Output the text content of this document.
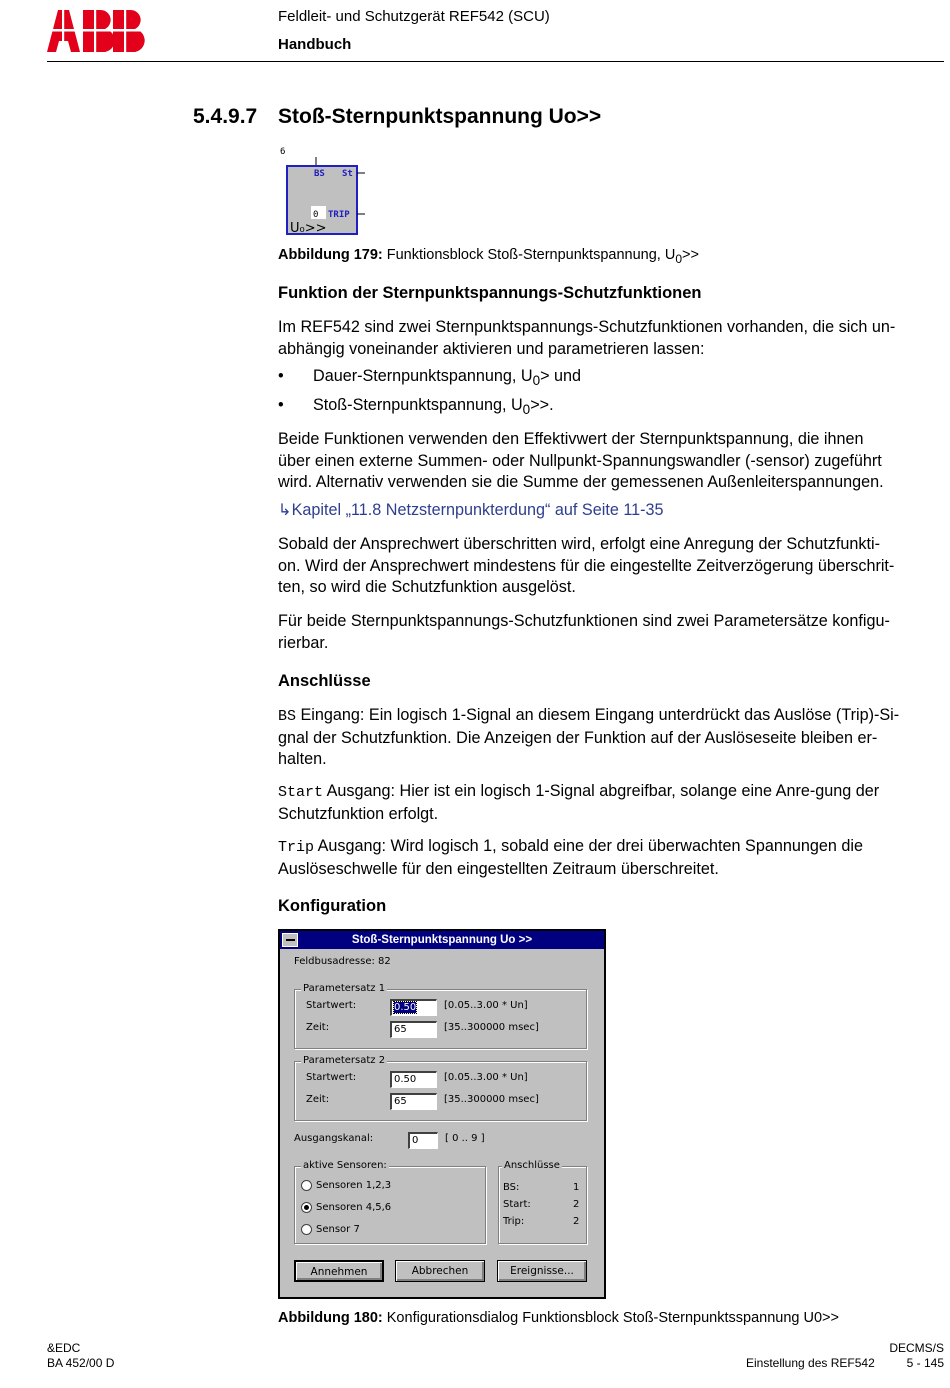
Feldleit- und Schutzgerät REF542 (SCU)
Handbuch
5.4.9.7 Stoß-Sternpunktspannung Uo>>
6
BS St
0 TRIP
U₀>>
Abbildung 179: Funktionsblock Stoß-Sternpunktspannung, $U_0>>$
Funktion der Sternpunktspannungs-Schutzfunktionen
Im REF542 sind zwei Sternpunktspannungs-Schutzfunktionen vorhanden, die sich un-
abhängig voneinander aktivieren und parametrieren lassen:
• Dauer-Sternpunktspannung, $U_0>$ und
• Stoß-Sternpunktspannung, $U_0>>$.
Beide Funktionen verwenden den Effektivwert der Sternpunktspannung, die ihnen
über einen externe Summen- oder Nullpunkt-Spannungswandler (-sensor) zugeführt
wird. Alternativ verwenden sie die Summe der gemessenen Außenleiterspannungen.
↳Kapitel „11.8 Netzsternpunkterdung“ auf Seite 11-35
Sobald der Ansprechwert überschritten wird, erfolgt eine Anregung der Schutzfunkti-
on. Wird der Ansprechwert mindestens für die eingestellte Zeitverzögerung überschrit-
ten, so wird die Schutzfunktion ausgelöst.
Für beide Sternpunktspannungs-Schutzfunktionen sind zwei Parametersätze konfigu-
rierbar.
Anschlüsse
BS Eingang: Ein logisch 1-Signal an diesem Eingang unterdrückt das Auslöse (Trip)-Si-
gnal der Schutzfunktion. Die Anzeigen der Funktion auf der Auslöseseite bleiben er-
halten.
Start Ausgang: Hier ist ein logisch 1-Signal abgreifbar, solange eine Anre-gung der
Schutzfunktion erfolgt.
Trip Ausgang: Wird logisch 1, sobald eine der drei überwachten Spannungen die
Auslöseschwelle für den eingestellten Zeitraum überschreitet.
Konfiguration
Stoß-Sternpunktspannung Uo >>
Feldbusadresse: 82
Parametersatz 1
Startwert:	0.50	[0.05..3.00 * Un]
Zeit:	65	[35..300000 msec]
Parametersatz 2
Startwert:	0.50	[0.05..3.00 * Un]
Zeit:	65	[35..300000 msec]
Ausgangskanal:	0	[ 0 .. 9 ]
aktive Sensoren:
Sensoren 1,2,3
Sensoren 4,5,6
Sensor 7
Anschlüsse
BS:	1
Start:	2
Trip:	2
Annehmen	Abbrechen	Ereignisse...
Abbildung 180: Konfigurationsdialog Funktionsblock Stoß-Sternpunktsspannung U0>>
&EDC
BA 452/00 D
DECMS/S
Einstellung des REF542	5 - 145
